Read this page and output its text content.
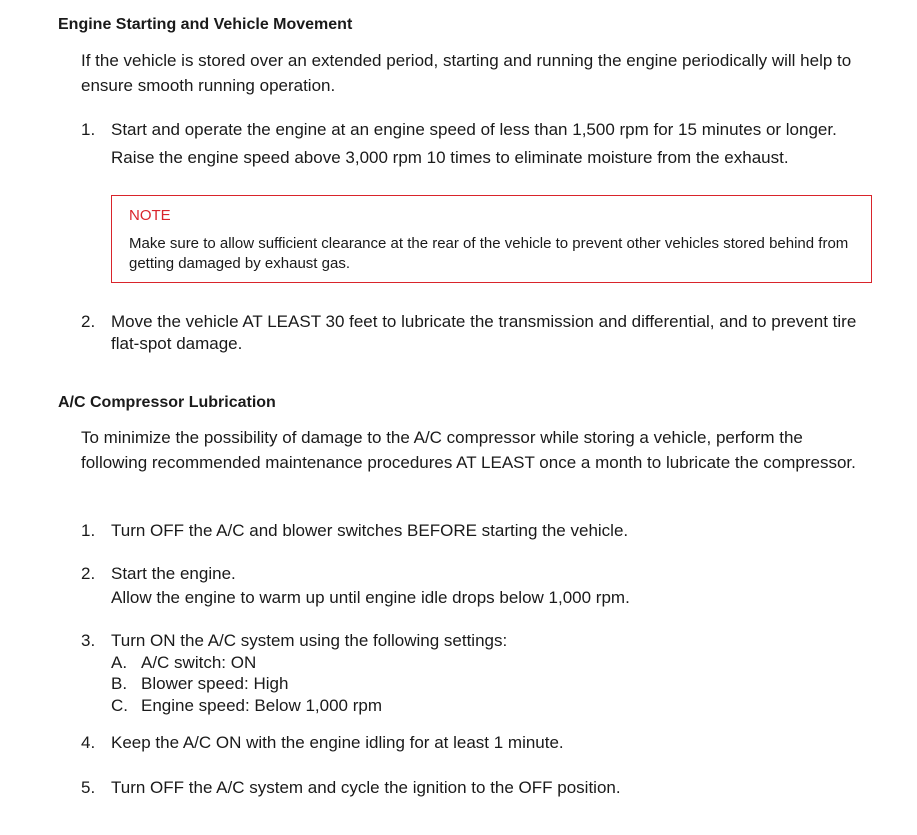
Engine Starting and Vehicle Movement

If the vehicle is stored over an extended period, starting and running the engine periodically will help to ensure smooth running operation.

1. Start and operate the engine at an engine speed of less than 1,500 rpm for 15 minutes or longer.
Raise the engine speed above 3,000 rpm 10 times to eliminate moisture from the exhaust.

NOTE

Make sure to allow sufficient clearance at the rear of the vehicle to prevent other vehicles stored behind from getting damaged by exhaust gas.

2. Move the vehicle AT LEAST 30 feet to lubricate the transmission and differential, and to prevent tire flat-spot damage.
A/C Compressor Lubrication

To minimize the possibility of damage to the A/C compressor while storing a vehicle, perform the following recommended maintenance procedures AT LEAST once a month to lubricate the compressor.

1. Turn OFF the A/C and blower switches BEFORE starting the vehicle.
2. Start the engine.
Allow the engine to warm up until engine idle drops below 1,000 rpm.
3. Turn ON the A/C system using the following settings:
A. A/C switch: ON
B. Blower speed: High
C. Engine speed: Below 1,000 rpm
4. Keep the A/C ON with the engine idling for at least 1 minute.
5. Turn OFF the A/C system and cycle the ignition to the OFF position.
